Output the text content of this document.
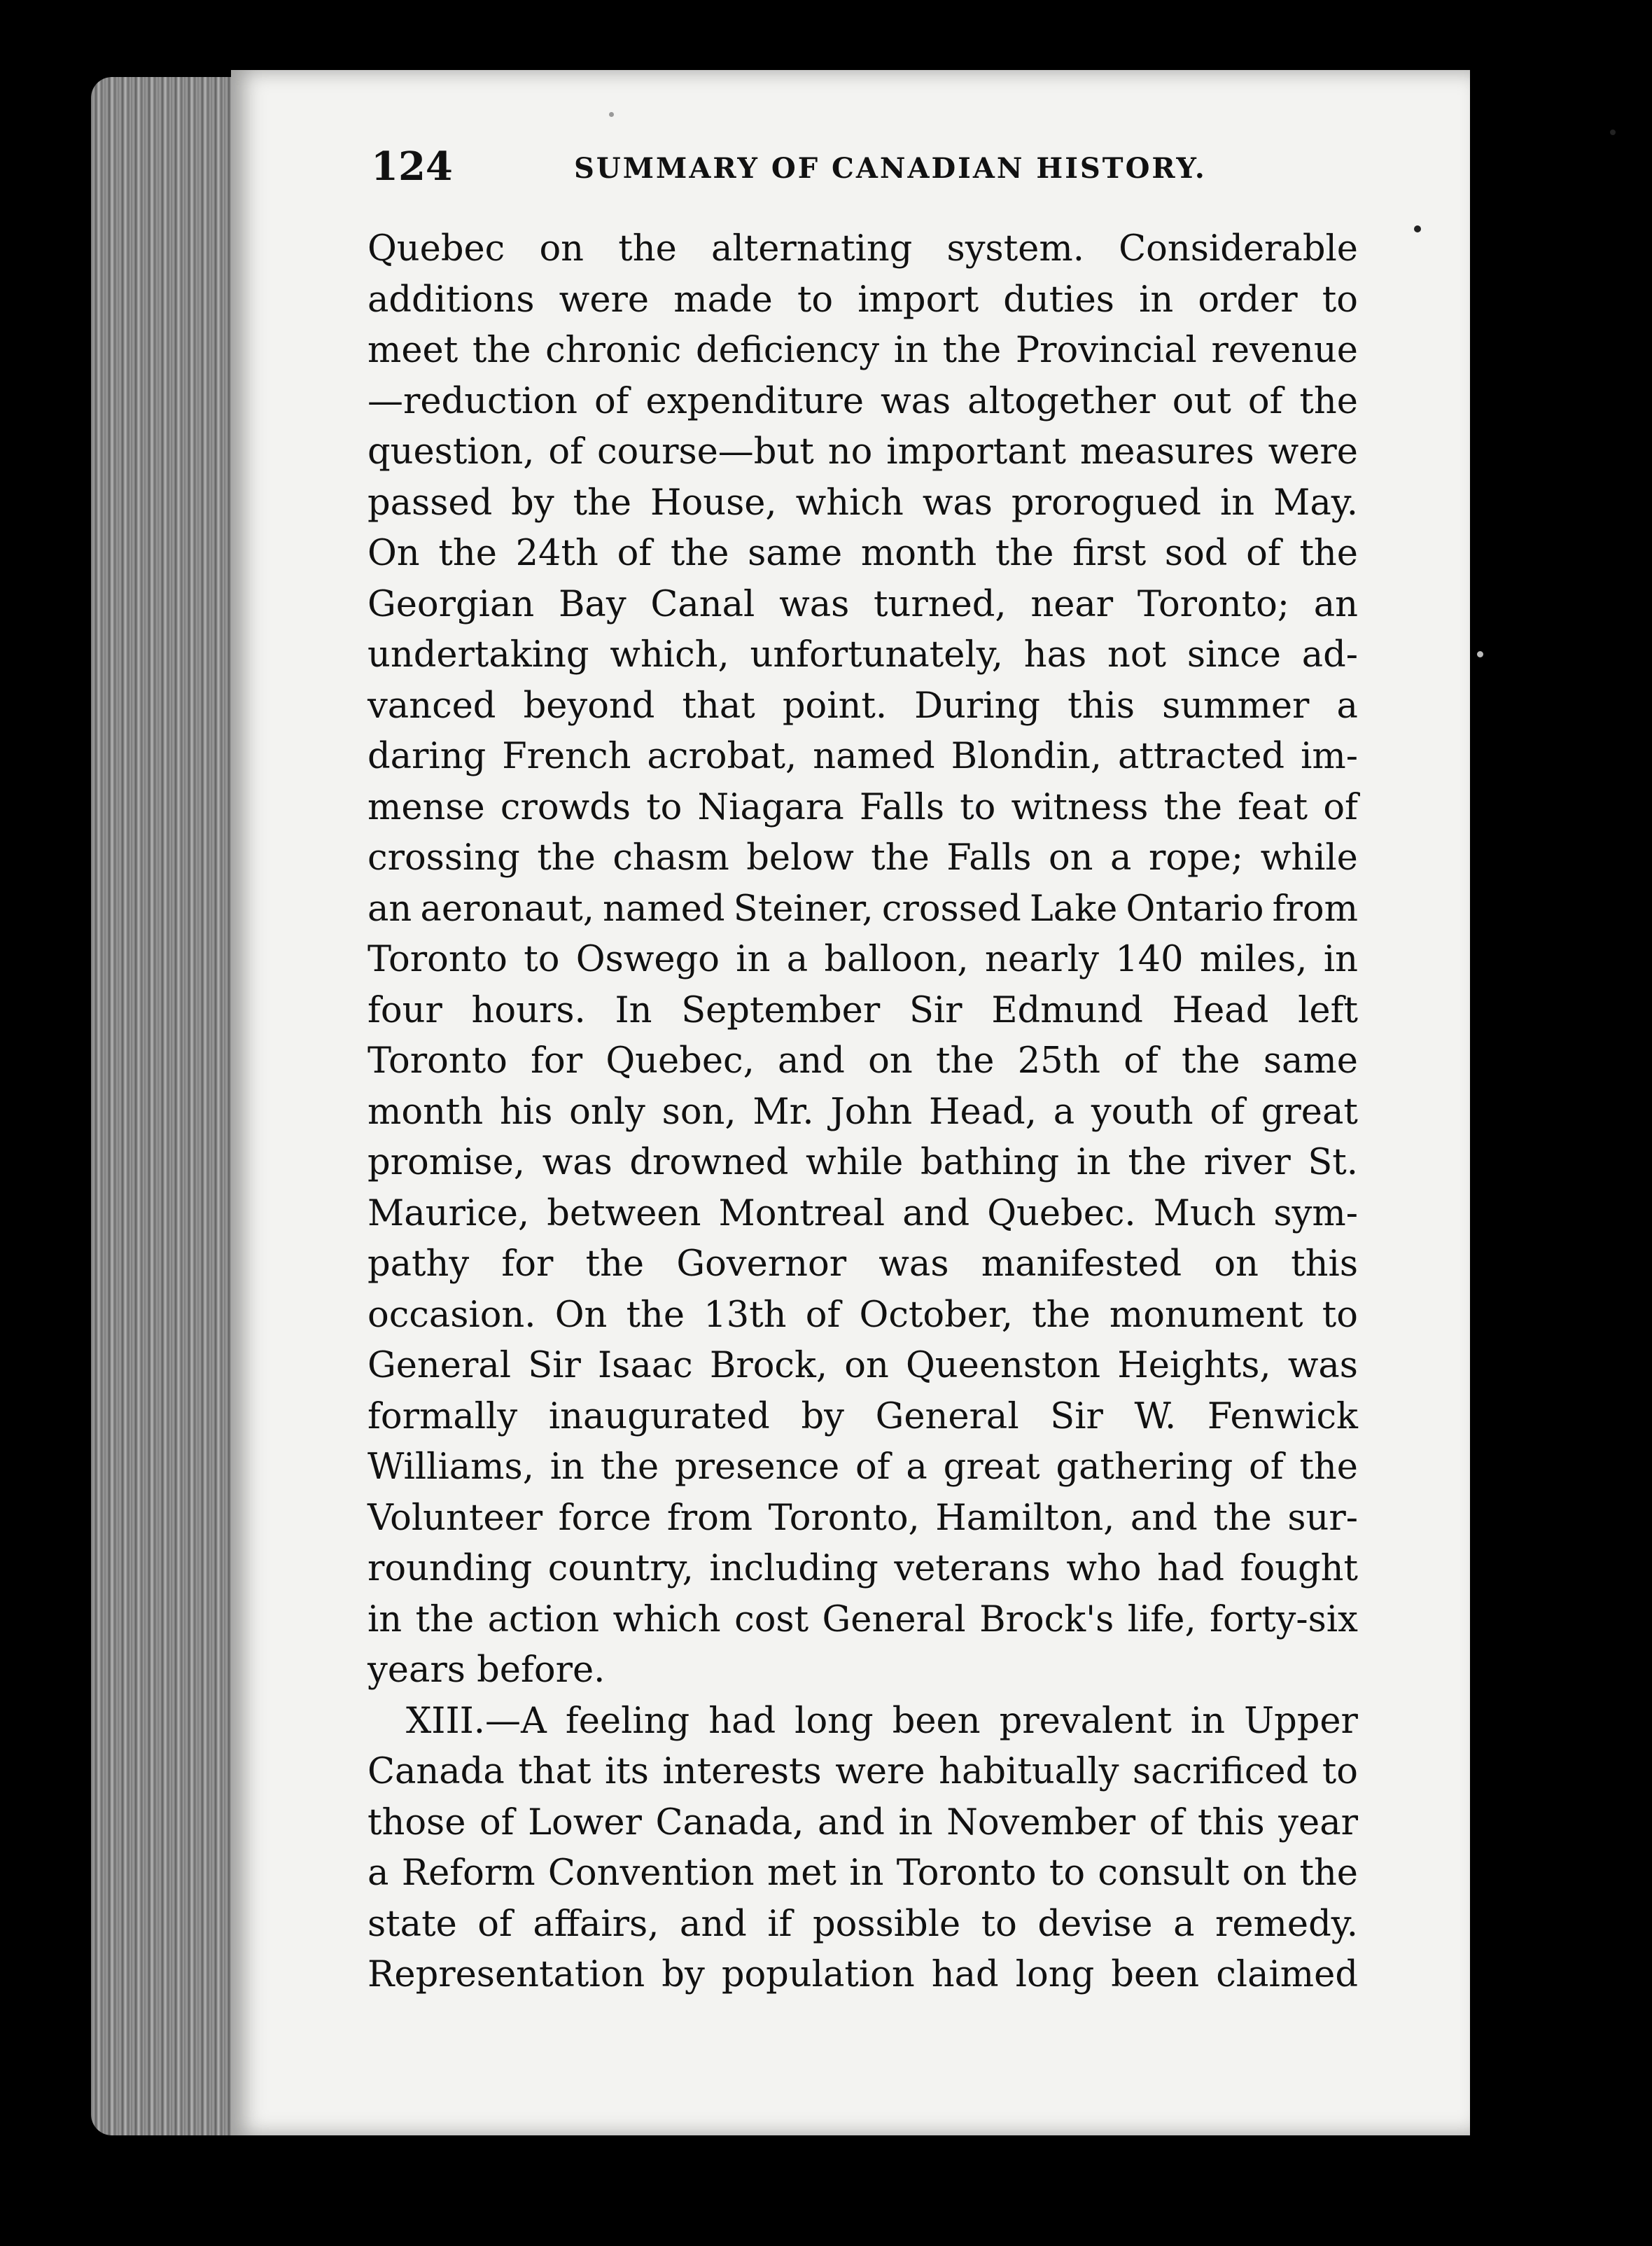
124	SUMMARY OF CANADIAN HISTORY.
Quebec on the alternating system. Considerable
additions were made to import duties in order to
meet the chronic deficiency in the Provincial revenue
—reduction of expenditure was altogether out of the
question, of course—but no important measures were
passed by the House, which was prorogued in May.
On the 24th of the same month the first sod of the
Georgian Bay Canal was turned, near Toronto; an
undertaking which, unfortunately, has not since ad-
vanced beyond that point. During this summer a
daring French acrobat, named Blondin, attracted im-
mense crowds to Niagara Falls to witness the feat of
crossing the chasm below the Falls on a rope; while
an aeronaut, named Steiner, crossed Lake Ontario from
Toronto to Oswego in a balloon, nearly 140 miles, in
four hours. In September Sir Edmund Head left
Toronto for Quebec, and on the 25th of the same
month his only son, Mr. John Head, a youth of great
promise, was drowned while bathing in the river St.
Maurice, between Montreal and Quebec. Much sym-
pathy for the Governor was manifested on this
occasion. On the 13th of October, the monument to
General Sir Isaac Brock, on Queenston Heights, was
formally inaugurated by General Sir W. Fenwick
Williams, in the presence of a great gathering of the
Volunteer force from Toronto, Hamilton, and the sur-
rounding country, including veterans who had fought
in the action which cost General Brock's life, forty-six
years before.
XIII.—A feeling had long been prevalent in Upper
Canada that its interests were habitually sacrificed to
those of Lower Canada, and in November of this year
a Reform Convention met in Toronto to consult on the
state of affairs, and if possible to devise a remedy.
Representation by population had long been claimed
